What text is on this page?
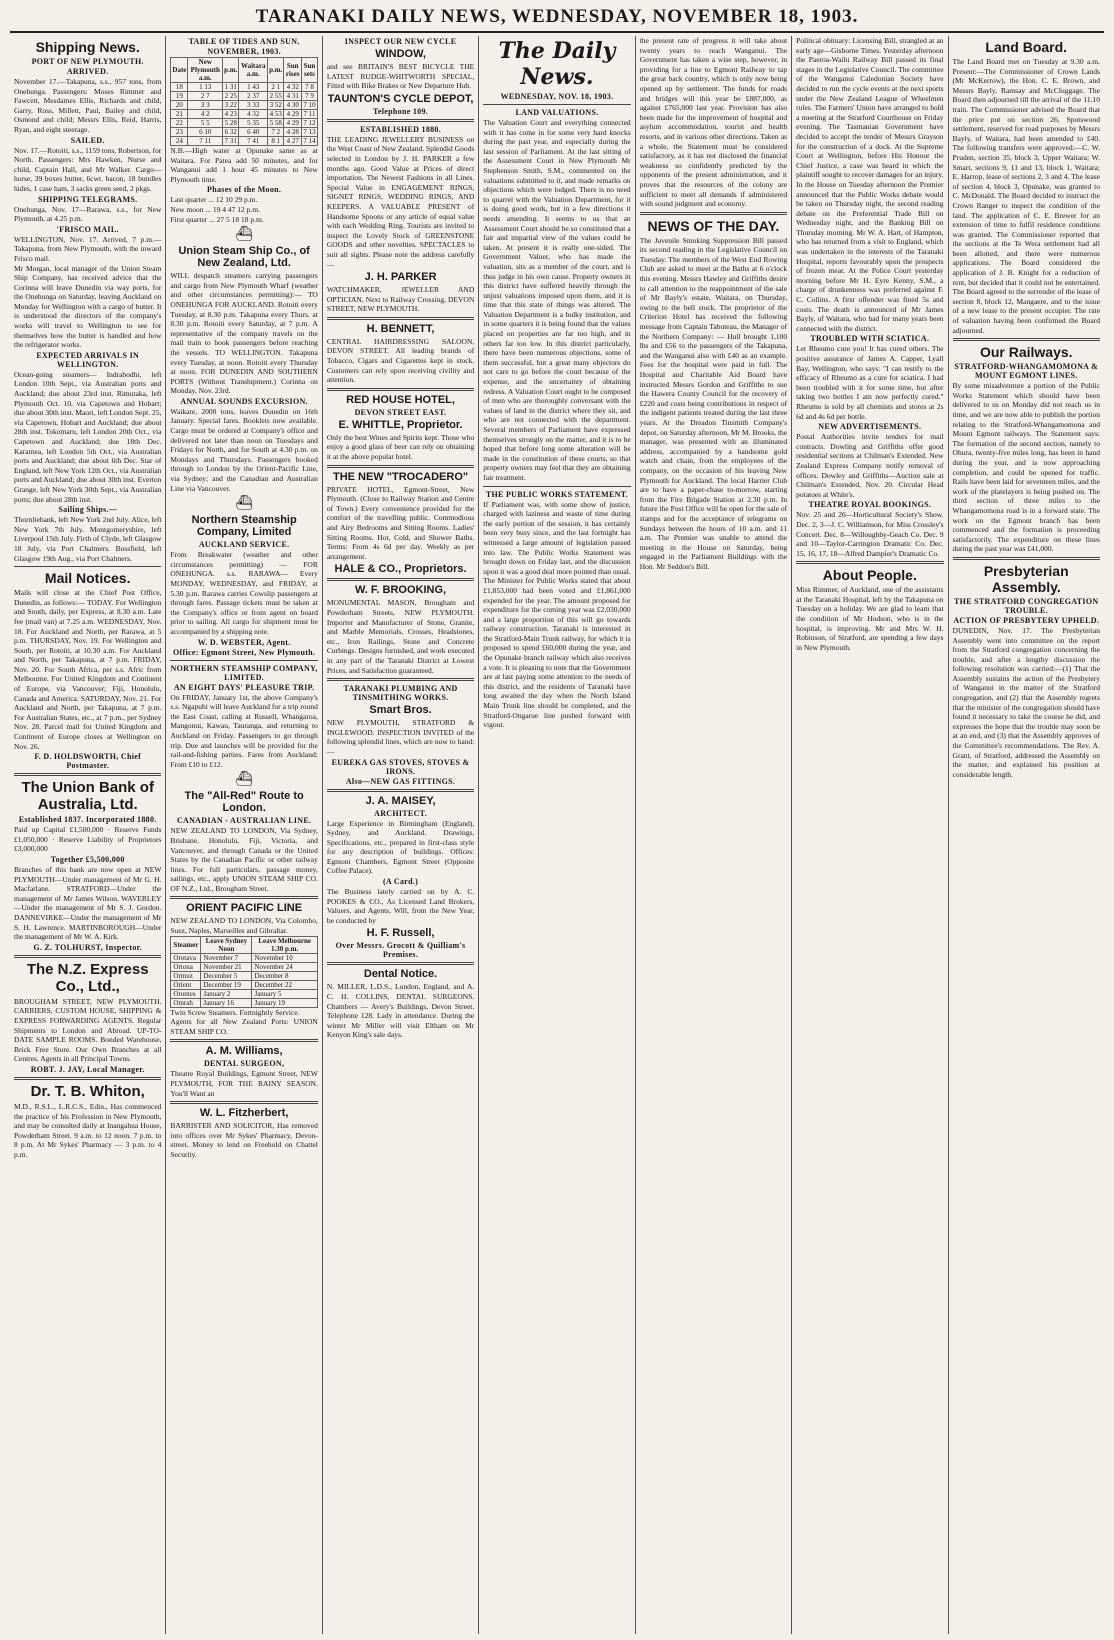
TARANAKI DAILY NEWS, WEDNESDAY, NOVEMBER 18, 1903.
Shipping News.
PORT OF NEW PLYMOUTH.
ARRIVED.

November 17.—Takapuna, s.s., 957 tons, from Onehunga. Passengers: Moses Rimmer and Fawcett, Mesdames Ellis, Richards and child, Garry, Ross, Millett, Paul, Bailey and child, Osmond and child; Messrs Ellis, Reid, Harris, Ryan, and eight steerage.

SAILED.

Nov. 17.—Rotoiti, s.s., 1159 tons, Robertson, for North. Passengers: Mrs Hawken, Nurse and child, Captain Hall, and Mr Walker. Cargo—horse, 39 boxes butter, 6cwt. bacon, 18 bundles hides, 1 case ham, 3 sacks green seed, 2 pkgs.

SHIPPING TELEGRAMS.

Onehunga, Nov. 17—Rarawa, s.s., for New Plymouth, at 4.25 p.m.

'FRISCO MAIL.

WELLINGTON, Nov. 17. Arrived, 7 p.m.—Takapuna, from New Plymouth, with the inward Frisco mail.

Mr Morgan, local manager of the Union Steam Ship Company, has received advice that the Corinna will leave Dunedin via way ports, for the Onehunga on Saturday, leaving Auckland on Monday for Wellington with a cargo of butter. It is understood the directors of the company's works will travel to Wellington to see for themselves how the butter is handled and how the refrigerator works.

EXPECTED ARRIVALS IN WELLINGTON.

Ocean-going steamers— Indrabodhi, left London 10th Sept., via Australian ports and Auckland; due about 23rd inst. Rimutaka, left Plymouth Oct. 10, via Capetown and Hobart; due about 30th inst. Maori, left London Sept. 25, via Capetown, Hobart and Auckland; due about 28th inst. Tokomaru, left London 20th Oct., via Capetown and Auckland; due 18th Dec. Karamea, left London 5th Oct., via Australian ports and Auckland; due about 6th Dec. Star of England, left New York 12th Oct., via Australian ports and Auckland; due about 30th inst. Everton Grange, left New York 30th Sept., via Australian ports; due about 28th inst.

Sailing Ships.—

Thornliebank, left New York 2nd July. Alice, left New York 7th July. Montgomeryshire, left Liverpool 15th July. Firth of Clyde, left Glasgow 18 July, via Port Chalmers. Bossfield, left Glasgow 19th Aug., via Port Chalmers.

Mail Notices.

Mails will close at the Chief Post Office, Dunedin, as follows:— TODAY. For Wellington and South, daily, per Express, at 8.30 a.m. Late fee (mail van) at 7.25 a.m. WEDNESDAY, Nov. 18. For Auckland and North, per Rarawa, at 5 p.m. THURSDAY, Nov. 19. For Wellington and South, per Rotoiti, at 10.30 a.m. For Auckland and North, per Takapuna, at 7 p.m. FRIDAY, Nov. 20. For South Africa, per s.s. Afric from Melbourne. For United Kingdom and Continent of Europe, via Vancouver; Fiji, Honolulu, Canada and America. SATURDAY, Nov. 21. For Auckland and North, per Takapuna, at 7 p.m. For Australian States, etc., at 7 p.m., per Sydney Nov. 28. Parcel mail for United Kingdom and Continent of Europe closes at Wellington on Nov. 26.

F. D. HOLDSWORTH, Chief Postmaster.
The Union Bank of Australia, Ltd.
Established 1837. Incorporated 1880.

Paid up Capital £1,500,000 · Reserve Funds £1,050,000 · Reserve Liability of Proprietors £3,000,000

Together £5,500,000

Branches of this bank are now open at NEW PLYMOUTH—Under management of Mr G. H. Macfarlane. STRATFORD—Under the management of Mr James Wilson. WAVERLEY—Under the management of Mr S. J. Gordon. DANNEVIRKE—Under the management of Mr S. H. Lawrence. MARTINBOROUGH—Under the management of Mr W. A. Kirk.

G. Z. TOLHURST, Inspector.
The N.Z. Express Co., Ltd.,

BROUGHAM STREET, NEW PLYMOUTH. CARRIERS, CUSTOM HOUSE, SHIPPING & EXPRESS FORWARDING AGENTS. Regular Shipments to London and Abroad. UP-TO-DATE SAMPLE ROOMS. Bonded Warehouse, Brick Free Store. Our Own Branches at all Centres. Agents in all Principal Towns.

ROBT. J. JAY, Local Manager.
Dr. T. B. Whiton,

M.D., R.S.L., L.R.C.S., Edin., Has commenced the practice of his Profession in New Plymouth, and may be consulted daily at Inangahua House, Powderham Street. 9 a.m. to 12 noon. 7 p.m. to 8 p.m. At Mr Sykes' Pharmacy — 3 p.m. to 4 p.m.

TABLE OF TIDES AND SUN.
NOVEMBER, 1903.
Date	New Plymouth a.m.	p.m.	Waitara a.m.	p.m.	Sun rises	Sun sets
18	1 13	1 31	1 43	2 1	4 32	7 8
19	2 7	2 25	2 37	2 55	4 31	7 9
20	3 3	3 22	3 33	3 52	4 30	7 10
21	4 2	4 23	4 32	4 53	4 29	7 11
22	5 5	5 28	5 35	5 58	4 29	7 12
23	6 10	6 32	6 40	7 2	4 28	7 13
24	7 11	7 31	7 41	8 1	4 27	7 14

N.B.—High water at Opunake same as at Waitara. For Patea add 50 minutes, and for Wanganui add 1 hour 45 minutes to New Plymouth time.

Phases of the Moon.
Last quarter ... 12 10 29 p.m.
New moon ... 19 4 47 12 p.m.
First quarter ... 27 5 18 18 p.m.
⛴
Union Steam Ship Co., of New Zealand, Ltd.

WILL despatch steamers carrying passengers and cargo from New Plymouth Wharf (weather and other circumstances permitting):— TO ONEHUNGA FOR AUCKLAND. Rotoiti every Tuesday, at 8.30 p.m. Takapuna every Thurs. at 8.30 p.m. Rotoiti every Saturday, at 7 p.m. A representative of the company travels on the mail train to book passengers before reaching the vessels. TO WELLINGTON. Takapuna every Tuesday, at noon. Rotoiti every Thursday at noon. FOR DUNEDIN AND SOUTHERN PORTS (Without Transhipment.) Corinna on Monday, Nov. 23rd.

ANNUAL SOUNDS EXCURSION.

Waikare, 2000 tons, leaves Dunedin on 16th January. Special fares. Booklets now available. Cargo must be ordered at Company's office and delivered not later than noon on Tuesdays and Fridays for North, and for South at 4.30 p.m. on Mondays and Thursdays. Passengers booked through to London by the Orient-Pacific Line, via Sydney; and the Canadian and Australian Line via Vancouver.

⛴
Northern Steamship Company, Limited
AUCKLAND SERVICE.

From Breakwater (weather and other circumstances permitting) — FOR ONEHUNGA. s.s. RARAWA— Every MONDAY, WEDNESDAY, and FRIDAY, at 5.30 p.m. Rarawa carries Cowslip passengers at through fares. Passage tickets must be taken at the Company's office or from agent on board prior to sailing. All cargo for shipment must be accompanied by a shipping note.

W. D. WEBSTER, Agent.
Office: Egmont Street, New Plymouth.
NORTHERN STEAMSHIP COMPANY, LIMITED.
AN EIGHT DAYS' PLEASURE TRIP.

On FRIDAY, January 1st, the above Company's s.s. Ngapuhi will leave Auckland for a trip round the East Coast, calling at Russell, Whangaroa, Mangonui, Kawau, Tauranga, and returning to Auckland on Friday. Passengers to go through trip. Due and launches will be provided for the rail-and-fishing parties. Fares from Auckland: From £10 to £12.

⛴
The "All-Red" Route to London.
CANADIAN - AUSTRALIAN LINE.

NEW ZEALAND TO LONDON, Via Sydney, Brisbane, Honolulu, Fiji, Victoria, and Vancouver, and through Canada or the United States by the Canadian Pacific or other railway lines. For full particulars, passage money, sailings, etc., apply UNION STEAM SHIP CO. OF N.Z., Ltd., Brougham Street.

ORIENT PACIFIC LINE

NEW ZEALAND TO LONDON, Via Colombo, Suez, Naples, Marseilles and Gibraltar.

Steamer	Leave Sydney Noon	Leave Melbourne 1.30 p.m.
Orotava	November 7	November 10
Ortona	November 21	November 24
Ormuz	December 5	December 8
Orient	December 19	December 22
Orontes	January 2	January 5
Omrah	January 16	January 19

Twin Screw Steamers. Fortnightly Service.

Agents for all New Zealand Ports: UNION STEAM SHIP CO.

A. M. Williams,
DENTAL SURGEON,

Theatre Royal Buildings, Egmont Street, NEW PLYMOUTH, FOR THE RAINY SEASON. You'll Want an

W. L. Fitzherbert,

BARRISTER AND SOLICITOR, Has removed into offices over Mr Sykes' Pharmacy, Devon-street. Money to lend on Freehold on Chattel Security.

INSPECT OUR NEW CYCLE
WINDOW,

and see BRITAIN'S BEST BICYCLE THE LATEST RUDGE-WHITWORTH SPECIAL, Fitted with Bike Brakes or New Departure Hub.

TAUNTON'S CYCLE DEPOT,
Telephone 109.
ESTABLISHED 1880.

THE LEADING JEWELLERY BUSINESS on the West Coast of New Zealand. Splendid Goods selected in London by J. H. PARKER a few months ago. Good Value at Prices of direct importation. The Newest Fashions in all Lines. Special Value in ENGAGEMENT RINGS, SIGNET RINGS, WEDDING RINGS, AND KEEPERS. A VALUABLE PRESENT of Handsome Spoons or any article of equal value with each Wedding Ring. Tourists are invited to inspect the Lovely Stock of GREENSTONE GOODS and other novelties. SPECTACLES to suit all sights. Please note the address carefully—

J. H. PARKER

WATCHMAKER, JEWELLER AND OPTICIAN, Next to Railway Crossing, DEVON STREET, NEW PLYMOUTH.

H. BENNETT,

CENTRAL HAIRDRESSING SALOON, DEVON STREET. All leading brands of Tobacco, Cigars and Cigarettes kept in stock. Customers can rely upon receiving civility and attention.

RED HOUSE HOTEL,
DEVON STREET EAST.
E. WHITTLE, Proprietor.

Only the best Wines and Spirits kept. Those who enjoy a good glass of beer can rely on obtaining it at the above popular hotel.

THE NEW "TROCADERO"

PRIVATE HOTEL, Egmont-Street, New Plymouth. (Close to Railway Station and Centre of Town.) Every convenience provided for the comfort of the travelling public. Commodious and Airy Bedrooms and Sitting Rooms. Ladies' Sitting Rooms. Hot, Cold, and Shower Baths. Terms: From 4s 6d per day. Weekly as per arrangement.

HALE & CO., Proprietors.
W. F. BROOKING,

MONUMENTAL MASON, Brougham and Powderham Streets, NEW PLYMOUTH. Importer and Manufacturer of Stone, Granite, and Marble Memorials, Crosses, Headstones, etc., Iron Railings, Stone and Concrete Curbings. Designs furnished, and work executed in any part of the Taranaki District at Lowest Prices, and Satisfaction guaranteed.

TARANAKI PLUMBING AND TINSMITHING WORKS.
Smart Bros.

NEW PLYMOUTH, STRATFORD & INGLEWOOD. INSPECTION INVITED of the following splendid lines, which are now to hand:—

EUREKA GAS STOVES, STOVES & IRONS.
Also—NEW GAS FITTINGS.
J. A. MAISEY,
ARCHITECT.

Large Experience in Birmingham (England), Sydney, and Auckland. Drawings, Specifications, etc., prepared in first-class style for any description of buildings. Offices: Egmont Chambers, Egmont Street (Opposite Coffee Palace).

(A Card.)

The Business lately carried on by A. C. POOKES & CO., As Licensed Land Brokers, Valuers, and Agents, Will, from the New Year, be conducted by

H. F. Russell,
Over Messrs. Grocott & Quilliam's Premises.
Dental Notice.

N. MILLER, L.D.S., London, England, and A. C. H. COLLINS, DENTAL SURGEONS. Chambers — Avery's Buildings, Devon Street. Telephone 128. Lady in attendance. During the winter Mr Miller will visit Eltham on Mr Kenyon King's sale days.

The Daily News.
WEDNESDAY, NOV. 18, 1903.
LAND VALUATIONS.

The Valuation Court and everything connected with it has come in for some very hard knocks during the past year, and especially during the last session of Parliament. At the last sitting of the Assessment Court in New Plymouth Mr Stephenson Smith, S.M., commented on the valuations submitted to it, and made remarks on objections which were lodged. There is no need to quarrel with the Valuation Department, for it is doing good work, but in a few directions it needs amending. It seems to us that an Assessment Court should be so constituted that a fair and impartial view of the values could be taken. At present it is really one-sided. The Government Valuer, who has made the valuation, sits as a member of the court, and is thus judge in his own cause. Property owners in this district have suffered heavily through the unjust valuations imposed upon them, and it is time that this state of things was altered. The Valuation Department is a bulky institution, and in some quarters it is being found that the values placed on properties are far too high, and in others far too low. In this district particularly, there have been numerous objections, some of them successful, but a great many objectors do not care to go before the court because of the expense, and the uncertainty of obtaining redress. A Valuation Court ought to be composed of men who are thoroughly conversant with the values of land in the district where they sit, and who are not connected with the department. Several members of Parliament have expressed themselves strongly on the matter, and it is to be hoped that before long some alteration will be made in the constitution of these courts, so that property owners may feel that they are obtaining fair treatment.

THE PUBLIC WORKS STATEMENT.

If Parliament was, with some show of justice, charged with laziness and waste of time during the early portion of the session, it has certainly been very busy since, and the last fortnight has witnessed a large amount of legislation passed into law. The Public Works Statement was brought down on Friday last, and the discussion upon it was a good deal more pointed than usual. The Minister for Public Works stated that about £1,853,000 had been voted and £1,861,000 expended for the year. The amount proposed for expenditure for the coming year was £2,030,000 and a large proportion of this will go towards railway construction. Taranaki is interested in the Stratford-Main Trunk railway, for which it is proposed to spend £60,000 during the year, and the Opunake branch railway which also receives a vote. It is pleasing to note that the Government are at last paying some attention to the needs of this district, and the residents of Taranaki have long awaited the day when the North Island Main Trunk line should be completed, and the Stratford-Ongarue line pushed forward with vigour.

the present rate of progress it will take about twenty years to reach Wanganui. The Government has taken a wise step, however, in providing for a line to Egmont Railway to tap the great back country, which is only now being opened up by settlement. The funds for roads and bridges will this year be £887,000, as against £765,000 last year. Provision has also been made for the improvement of hospital and asylum accommodation, tourist and health resorts, and in various other directions. Taken as a whole, the Statement must be considered satisfactory, as it has not disclosed the financial weakness so confidently predicted by the opponents of the present administration, and it proves that the resources of the colony are sufficient to meet all demands if administered with sound judgment and economy.

NEWS OF THE DAY.

The Juvenile Smoking Suppression Bill passed its second reading in the Legislative Council on Tuesday. The members of the West End Rowing Club are asked to meet at the Baths at 6 o'clock this evening. Messrs Hawley and Griffiths desire to call attention to the reappointment of the sale of Mr Bayly's estate, Waitara, on Thursday, owing to the bell stock. The proprietor of the Criterion Hotel has received the following message from Captain Tabuteau, the Manager of the Northern Company: — Hull brought 1,100 lbs and £56 to the passengers of the Takapuna, and the Wanganui also with £40 as an example. Fees for the hospital were paid in full. The Hospital and Charitable Aid Board have instructed Messrs Gordon and Griffiths to sue the Hawera County Council for the recovery of £220 and costs being contributions in respect of the indigent patients treated during the last three years. At the Dreadon Tinsmith Company's depot, on Saturday afternoon, Mr M. Brooks, the manager, was presented with an illuminated address, accompanied by a handsome gold watch and chain, from the employees of the company, on the occasion of his leaving New Plymouth for Auckland. The local Harrier Club are to have a paper-chase to-morrow, starting from the Fire Brigade Station at 2.30 p.m. In future the Post Office will be open for the sale of stamps and for the acceptance of telegrams on Sundays between the hours of 10 a.m. and 11 a.m. The Premier was unable to attend the meeting in the House on Saturday, being engaged in the Parliament Buildings with the Hon. Mr Seddon's Bill.

Political obituary: Licensing Bill, strangled at an early age—Gisborne Times. Yesterday afternoon the Paeroa-Waihi Railway Bill passed its final stages in the Legislative Council. The committee of the Wanganui Caledonian Society have decided to run the cycle events at the next sports under the New Zealand League of Wheelmen rules. The Farmers' Union have arranged to hold a meeting at the Stratford Courthouse on Friday evening. The Tasmanian Government have decided to accept the tender of Messrs Grayson for the construction of a dock. At the Supreme Court at Wellington, before His Honour the Chief Justice, a case was heard in which the plaintiff sought to recover damages for an injury. In the House on Tuesday afternoon the Premier announced that the Public Works debate would be taken on Thursday night, the second reading debate on the Preferential Trade Bill on Wednesday night, and the Banking Bill on Thursday morning. Mr W. A. Hart, of Hampton, who has returned from a visit to England, which was undertaken in the interests of the Taranaki Hospital, reports favourably upon the prospects of frozen meat. At the Police Court yesterday morning before Mr H. Eyre Kenny, S.M., a charge of drunkenness was preferred against F. C. Collins. A first offender was fined 5s and costs. The death is announced of Mr James Bayly, of Waitara, who had for many years been connected with the district.

TROUBLED WITH SCIATICA.

Let Rheumo cure you! It has cured others. The positive assurance of James A. Capper, Lyall Bay, Wellington, who says: "I can testify to the efficacy of Rheumo as a cure for sciatica. I had been troubled with it for some time, but after taking two bottles I am now perfectly cured." Rheumo is sold by all chemists and stores at 2s 6d and 4s 6d per bottle.

NEW ADVERTISEMENTS.

Postal Authorities invite tenders for mail contracts. Dowling and Griffiths offer good residential sections at Chilman's Extended. New Zealand Express Company notify removal of offices. Dowley and Griffiths—Auction sale at Chilman's Extended, Nov. 20. Circular Head potatoes at White's.

THEATRE ROYAL BOOKINGS.

Nov. 25 and 26—Horticultural Society's Show. Dec. 2, 3—J. C. Williamson, for Miss Crossley's Concert. Dec. 8—Willoughby-Geach Co. Dec. 9 and 10—Taylor-Carrington Dramatic Co. Dec. 15, 16, 17, 18—Alfred Dampier's Dramatic Co.

About People.

Miss Rimmer, of Auckland, one of the assistants at the Taranaki Hospital, left by the Takapuna on Tuesday on a holiday. We are glad to learn that the condition of Mr Hodson, who is in the hospital, is improving. Mr and Mrs W. H. Robinson, of Stratford, are spending a few days in New Plymouth.

Land Board.

The Land Board met on Tuesday at 9.30 a.m. Present:—The Commissioner of Crown Lands (Mr McKerrow), the Hon. C. E. Brown, and Messrs Bayly, Ramsay and McCluggage. The Board then adjourned till the arrival of the 11.10 train. The Commissioner advised the Board that the price put on section 26, Spotswood settlement, reserved for road purposes by Messrs Bayly, of Waitara, had been amended to £40. The following transfers were approved:—C. W. Pruden, section 35, block 3, Upper Waitara; W. Smart, sections 9, 11 and 13, block 1, Waitara; E. Harrop, lease of sections 2, 3 and 4. The lease of section 4, block 3, Opunake, was granted to C. McDonald. The Board decided to instruct the Crown Ranger to inspect the condition of the land. The application of C. E. Brewer for an extension of time to fulfil residence conditions was granted. The Commissioner reported that the sections at the Te Wera settlement had all been allotted, and there were numerous applications. The Board considered the application of J. B. Knight for a reduction of rent, but decided that it could not be entertained. The Board agreed to the surrender of the lease of section 8, block 12, Mangaere, and to the issue of a new lease to the present occupier. The rate of valuation having been confirmed the Board adjourned.

Our Railways.
STRATFORD-WHANGAMOMONA & MOUNT EGMONT LINES.

By some misadventure a portion of the Public Works Statement which should have been delivered to us on Monday did not reach us in time, and we are now able to publish the portion relating to the Stratford-Whangamomona and Mount Egmont railways. The Statement says: The formation of the second section, namely to Ohura, twenty-five miles long, has been in hand during the year, and is now approaching completion, and could be opened for traffic. Rails have been laid for seventeen miles, and the work of the platelayers is being pushed on. The third section of three miles to the Whangamomona road is in a forward state. The work on the Egmont branch has been commenced and the formation is proceeding satisfactorily. The expenditure on these lines during the past year was £41,000.

Presbyterian Assembly.
THE STRATFORD CONGREGATION TROUBLE.
ACTION OF PRESBYTERY UPHELD.

DUNEDIN, Nov. 17. The Presbyterian Assembly went into committee on the report from the Stratford congregation concerning the trouble, and after a lengthy discussion the following resolution was carried:—(1) That the Assembly sustains the action of the Presbytery of Wanganui in the matter of the Stratford congregation, and (2) that the Assembly regrets that the minister of the congregation should have found it necessary to take the course he did, and expresses the hope that the trouble may soon be at an end, and (3) that the Assembly approves of the Committee's recommendations. The Rev. A. Grant, of Stratford, addressed the Assembly on the matter, and explained his position at considerable length.
